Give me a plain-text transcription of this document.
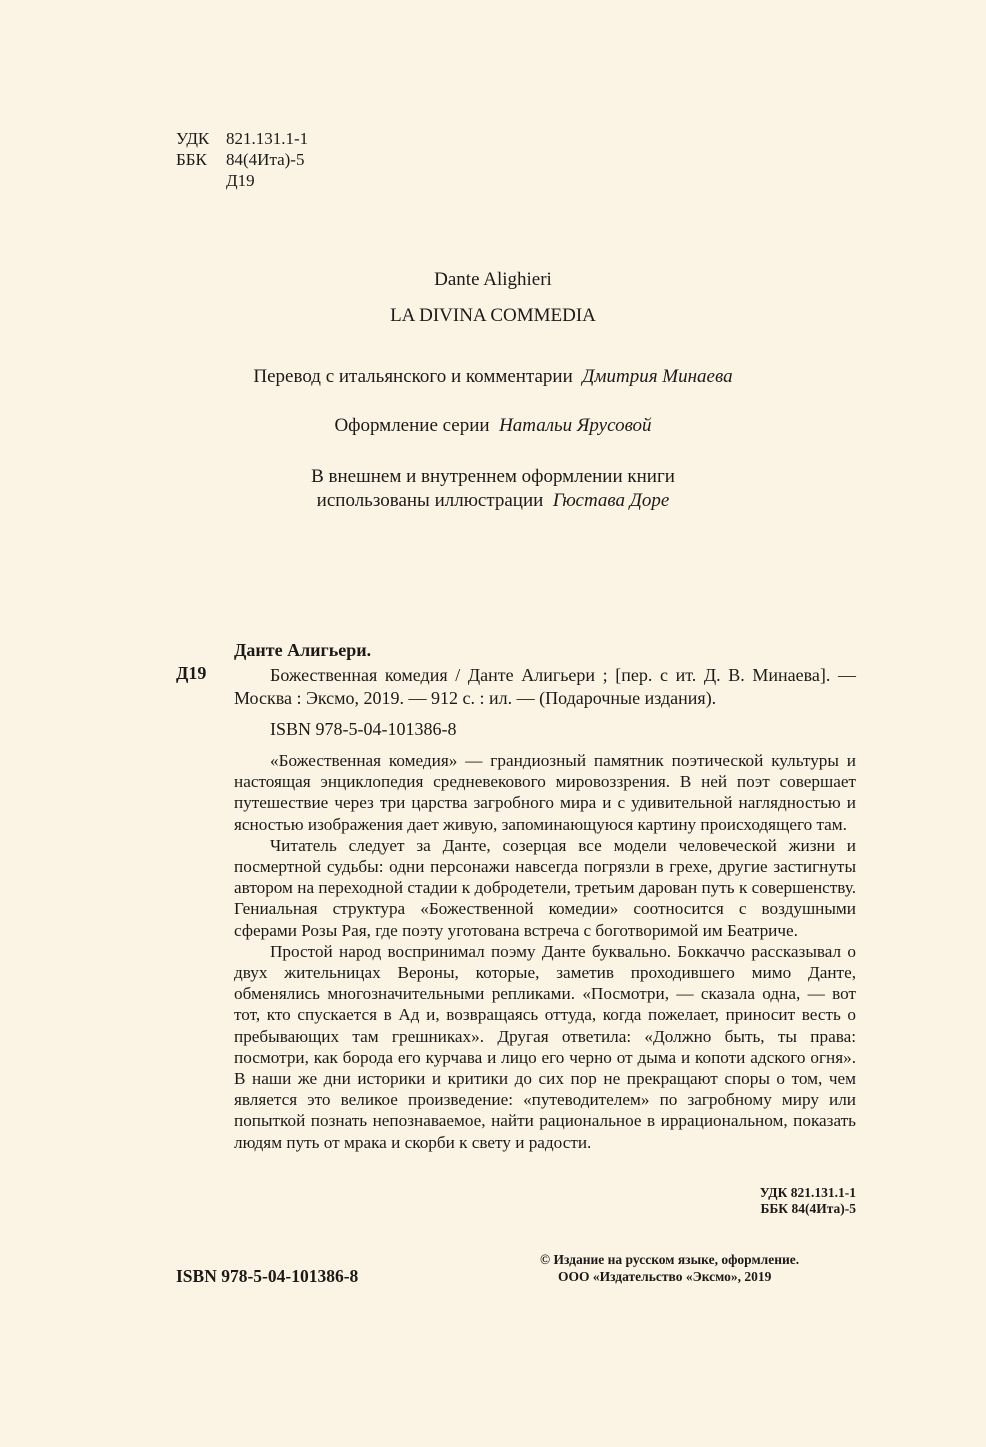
УДК 821.131.1-1
ББК	84(4Ита)-5
Д19
Dante Alighieri
LA DIVINA COMMEDIA
Перевод с итальянского и комментарии Дмитрия Минаева
Оформление серии Натальи Ярусовой
В внешнем и внутреннем оформлении книги
использованы иллюстрации Гюстава Доре
Д19
Данте Алигьери.
Божественная комедия / Данте Алигьери ; [пер. с ит. Д. В. Минаева]. — Москва : Эксмо, 2019. — 912 с. : ил. — (Подарочные издания).
ISBN 978-5-04-101386-8

«Божественная комедия» — грандиозный памятник поэтической культуры и настоящая энциклопедия средневекового мировоззрения. В ней поэт совершает путешествие через три царства загробного мира и с удивительной наглядностью и ясностью изображения дает живую, запоминающуюся картину происходящего там.

Читатель следует за Данте, созерцая все модели человеческой жизни и посмертной судьбы: одни персонажи навсегда погрязли в грехе, другие застигнуты автором на переходной стадии к добродетели, третьим дарован путь к совершенству. Гениальная структура «Божественной комедии» соотносится с воздушными сферами Розы Рая, где поэту уготована встреча с боготворимой им Беатриче.

Простой народ воспринимал поэму Данте буквально. Боккаччо рассказывал о двух жительницах Вероны, которые, заметив проходившего мимо Данте, обменялись многозначительными репликами. «Посмотри, — сказала одна, — вот тот, кто спускается в Ад и, возвращаясь оттуда, когда пожелает, приносит весть о пребывающих там грешниках». Другая ответила: «Должно быть, ты права: посмотри, как борода его курчава и лицо его черно от дыма и копоти адского огня». В наши же дни историки и критики до сих пор не прекращают споры о том, чем является это великое произведение: «путеводителем» по загробному миру или попыткой познать непознаваемое, найти рациональное в иррациональном, показать людям путь от мрака и скорби к свету и радости.

УДК 821.131.1-1
ББК 84(4Ита)-5
ISBN 978-5-04-101386-8
© Издание на русском языке, оформление.
ООО «Издательство «Эксмо», 2019
